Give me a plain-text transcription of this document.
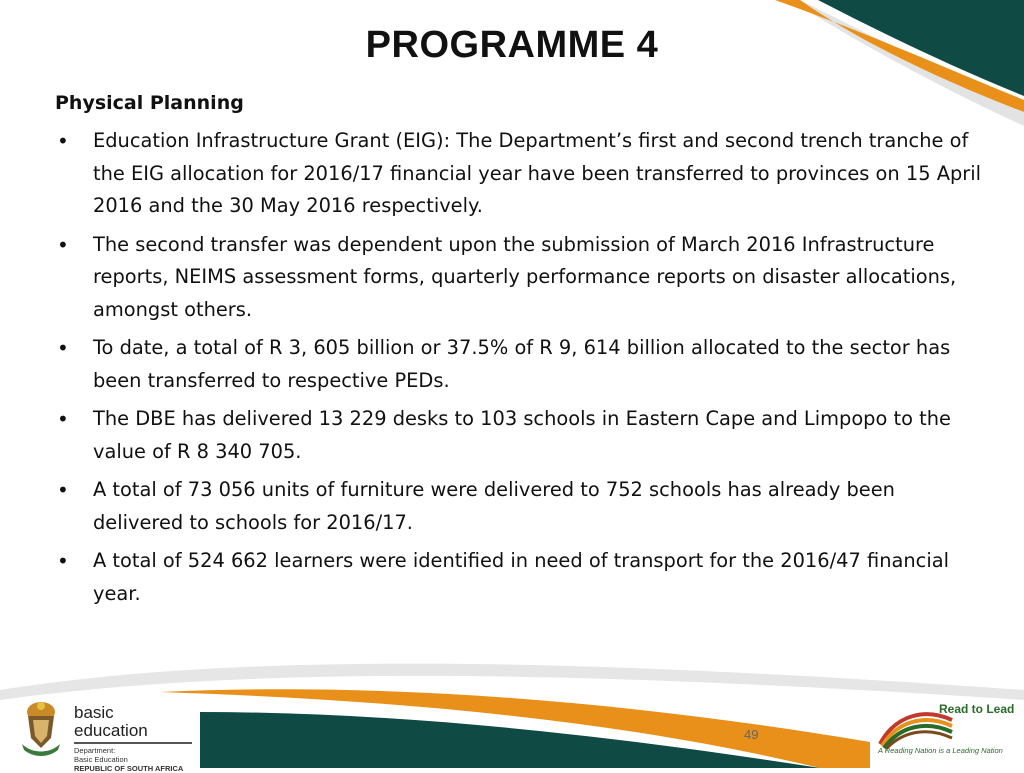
PROGRAMME 4
Physical Planning
• Education Infrastructure Grant (EIG): The Department’s first and second trench tranche of the EIG allocation for 2016/17 financial year have been transferred to provinces on 15 April 2016 and the 30 May 2016 respectively.
• The second transfer was dependent upon the submission of March 2016 Infrastructure reports, NEIMS assessment forms, quarterly performance reports on disaster allocations, amongst others.
• To date, a total of R 3, 605 billion or 37.5% of R 9, 614 billion allocated to the sector has been transferred to respective PEDs.
• The DBE has delivered 13 229 desks to 103 schools in Eastern Cape and Limpopo to the value of R 8 340 705.
• A total of 73 056 units of furniture were delivered to 752 schools has already been delivered to schools for 2016/17.
• A total of 524 662 learners were identified in need of transport for the 2016/47 financial year.
49
basic education
Department:
Basic Education
REPUBLIC OF SOUTH AFRICA
Read to Lead
A Reading Nation is a Leading Nation
